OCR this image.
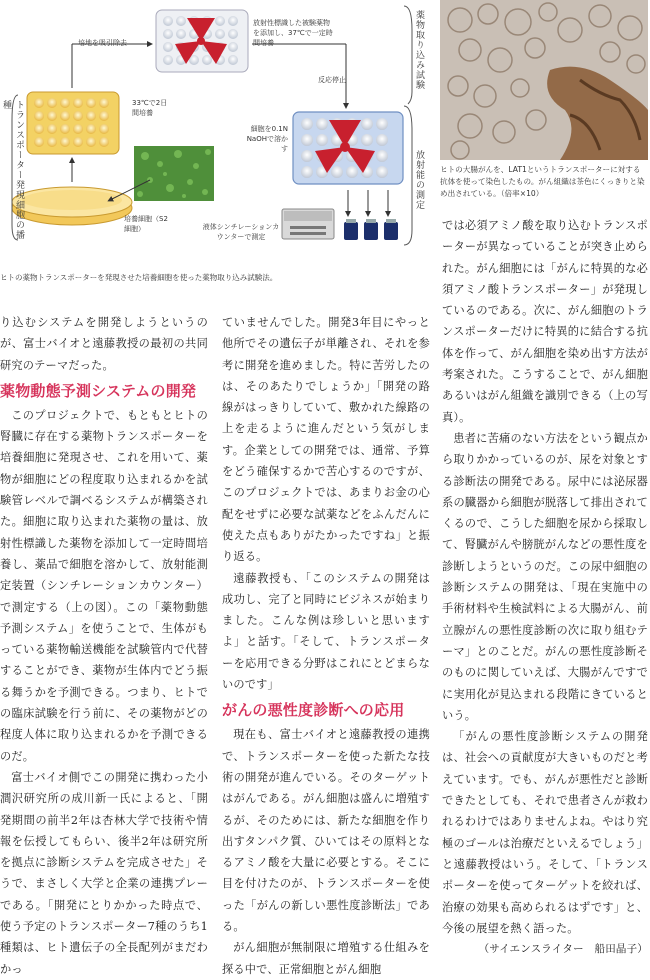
トランスポーター発現細胞の播種
薬物取り込み試験
放射能の測定
培地を吸引除去
放射性標識した被験薬物を添加し、37℃で一定時間培養
反応停止
33℃で2日間培養
細胞を0.1N NaOHで溶かす
培養細胞（S2細胞）	液体シンチレーションカウンターで測定
ヒトの薬物トランスポーターを発現させた培養細胞を使った薬物取り込み試験法。
ヒトの大腸がんを、LAT1というトランスポーターに対する抗体を使って染色したもの。がん組織は茶色にくっきりと染め出されている。（倍率×10）

では必須アミノ酸を取り込むトランスポーターが異なっていることが突き止められた。がん細胞には「がんに特異的な必須アミノ酸トランスポーター」が発現しているのである。次に、がん細胞のトランスポーターだけに特異的に結合する抗体を作って、がん細胞を染め出す方法が考案された。こうすることで、がん細胞あるいはがん組織を識別できる（上の写真）。

患者に苦痛のない方法をという観点から取りかかっているのが、尿を対象とする診断法の開発である。尿中には泌尿器系の臓器から細胞が脱落して排出されてくるので、こうした細胞を尿から採取して、腎臓がんや膀胱がんなどの悪性度を診断しようというのだ。この尿中細胞の診断システムの開発は、「現在実施中の手術材料や生検試料による大腸がん、前立腺がんの悪性度診断の次に取り組むテーマ」とのことだ。がんの悪性度診断そのものに関していえば、大腸がんですでに実用化が見込まれる段階にきているという。

「がんの悪性度診断システムの開発は、社会への貢献度が大きいものだと考えています。でも、がんが悪性だと診断できたとしても、それで患者さんが救われるわけではありませんよね。やはり究極のゴールは治療だといえるでしょう」と遠藤教授はいう。そして、「トランスポーターを使ってターゲットを絞れば、治療の効果も高められるはずです」と、今後の展望を熱く語った。

（サイエンスライター　船田晶子）

り込むシステムを開発しようというのが、富士バイオと遠藤教授の最初の共同研究のテーマだった。

薬物動態予測システムの開発

このプロジェクトで、もともとヒトの腎臓に存在する薬物トランスポーターを培養細胞に発現させ、これを用いて、薬物が細胞にどの程度取り込まれるかを試験管レベルで調べるシステムが構築された。細胞に取り込まれた薬物の量は、放射性標識した薬物を添加して一定時間培養し、薬品で細胞を溶かして、放射能測定装置（シンチレーションカウンター）で測定する（上の図）。この「薬物動態予測システム」を使うことで、生体がもっている薬物輸送機能を試験管内で代替することができ、薬物が生体内でどう振る舞うかを予測できる。つまり、ヒトでの臨床試験を行う前に、その薬物がどの程度人体に取り込まれるかを予測できるのだ。

富士バイオ側でこの開発に携わった小澗沢研究所の成川新一氏によると、「開発期間の前半2年は杏林大学で技術や情報を伝授してもらい、後半2年は研究所を拠点に診断システムを完成させた」そうで、まさしく大学と企業の連携プレーである。「開発にとりかかった時点で、使う予定のトランスポーター7種のうち1種類は、ヒト遺伝子の全長配列がまだわかっ

ていませんでした。開発3年目にやっと他所でその遺伝子が単離され、それを参考に開発を進めました。特に苦労したのは、そのあたりでしょうか」「開発の路線がはっきりしていて、敷かれた線路の上を走るように進んだという気がします。企業としての開発では、通常、予算をどう確保するかで苦心するのですが、このプロジェクトでは、あまりお金の心配をせずに必要な試薬などをふんだんに使えた点もありがたかったですね」と振り返る。

遠藤教授も、「このシステムの開発は成功し、完了と同時にビジネスが始まりました。こんな例は珍しいと思いますよ」と話す。「そして、トランスポーターを応用できる分野はこれにとどまらないのです」

がんの悪性度診断への応用

現在も、富士バイオと遠藤教授の連携で、トランスポーターを使った新たな技術の開発が進んでいる。そのターゲットはがんである。がん細胞は盛んに増殖するが、そのためには、新たな細胞を作り出すタンパク質、ひいてはその原料となるアミノ酸を大量に必要とする。そこに目を付けたのが、トランスポーターを使った「がんの新しい悪性度診断法」である。

がん細胞が無制限に増殖する仕組みを探る中で、正常細胞とがん細胞
